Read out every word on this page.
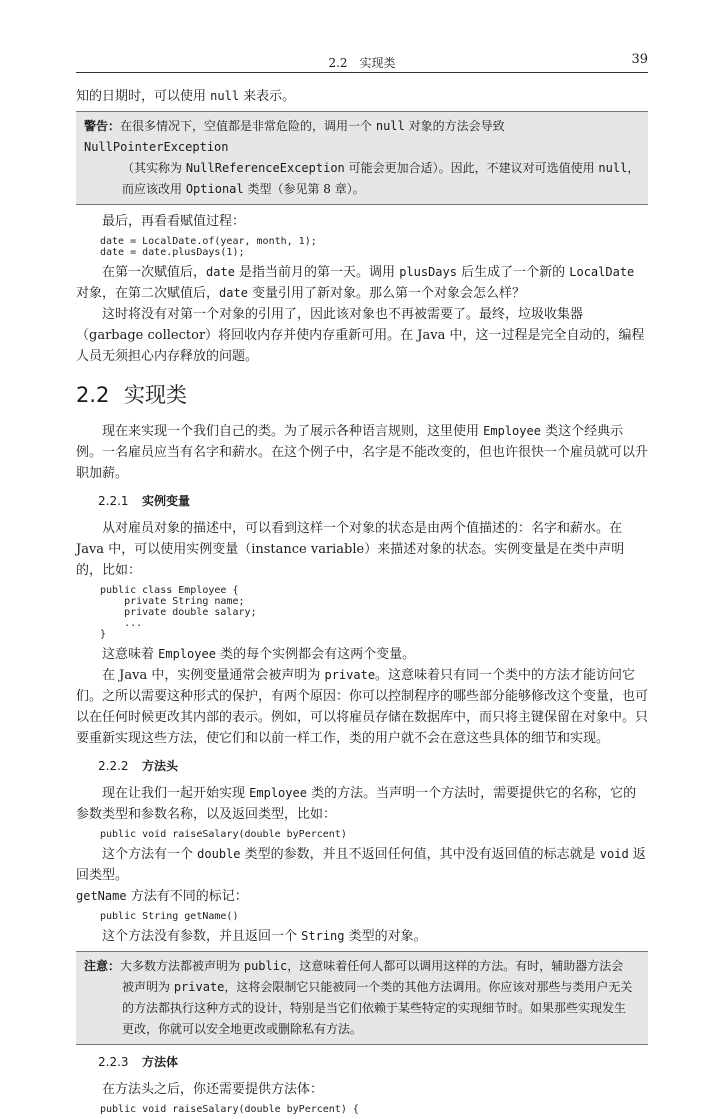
2.2　实现类	39

知的日期时，可以使用 null 来表示。

警告：在很多情况下，空值都是非常危险的，调用一个 null 对象的方法会导致 NullPointerException
（其实称为 NullReferenceException 可能会更加合适）。因此，不建议对可选值使用 null，
而应该改用 Optional 类型（参见第 8 章）。

最后，再看看赋值过程：

date = LocalDate.of(year, month, 1);
date = date.plusDays(1);

在第一次赋值后，date 是指当前月的第一天。调用 plusDays 后生成了一个新的 LocalDate 对象，在第二次赋值后，date 变量引用了新对象。那么第一个对象会怎么样？

这时将没有对第一个对象的引用了，因此该对象也不再被需要了。最终，垃圾收集器（garbage collector）将回收内存并使内存重新可用。在 Java 中，这一过程是完全自动的，编程人员无须担心内存释放的问题。

2.2 实现类

现在来实现一个我们自己的类。为了展示各种语言规则，这里使用 Employee 类这个经典示例。一名雇员应当有名字和薪水。在这个例子中，名字是不能改变的，但也许很快一个雇员就可以升职加薪。

2.2.1 实例变量

从对雇员对象的描述中，可以看到这样一个对象的状态是由两个值描述的：名字和薪水。在 Java 中，可以使用实例变量（instance variable）来描述对象的状态。实例变量是在类中声明的，比如：

public class Employee {
private String name;
private double salary;
...
}

这意味着 Employee 类的每个实例都会有这两个变量。

在 Java 中，实例变量通常会被声明为 private。这意味着只有同一个类中的方法才能访问它们。之所以需要这种形式的保护，有两个原因：你可以控制程序的哪些部分能够修改这个变量，也可以在任何时候更改其内部的表示。例如，可以将雇员存储在数据库中，而只将主键保留在对象中。只要重新实现这些方法，使它们和以前一样工作，类的用户就不会在意这些具体的细节和实现。

2.2.2 方法头

现在让我们一起开始实现 Employee 类的方法。当声明一个方法时，需要提供它的名称，它的参数类型和参数名称，以及返回类型，比如：

public void raiseSalary(double byPercent)

这个方法有一个 double 类型的参数，并且不返回任何值，其中没有返回值的标志就是 void 返回类型。

getName 方法有不同的标记：

public String getName()

这个方法没有参数，并且返回一个 String 类型的对象。

注意：大多数方法都被声明为 public，这意味着任何人都可以调用这样的方法。有时，辅助器方法会
被声明为 private，这将会限制它只能被同一个类的其他方法调用。你应该对那些与类用户无关
的方法都执行这种方式的设计，特别是当它们依赖于某些特定的实现细节时。如果那些实现发生
更改，你就可以安全地更改或删除私有方法。
2.2.3 方法体

在方法头之后，你还需要提供方法体：

public void raiseSalary(double byPercent) {
